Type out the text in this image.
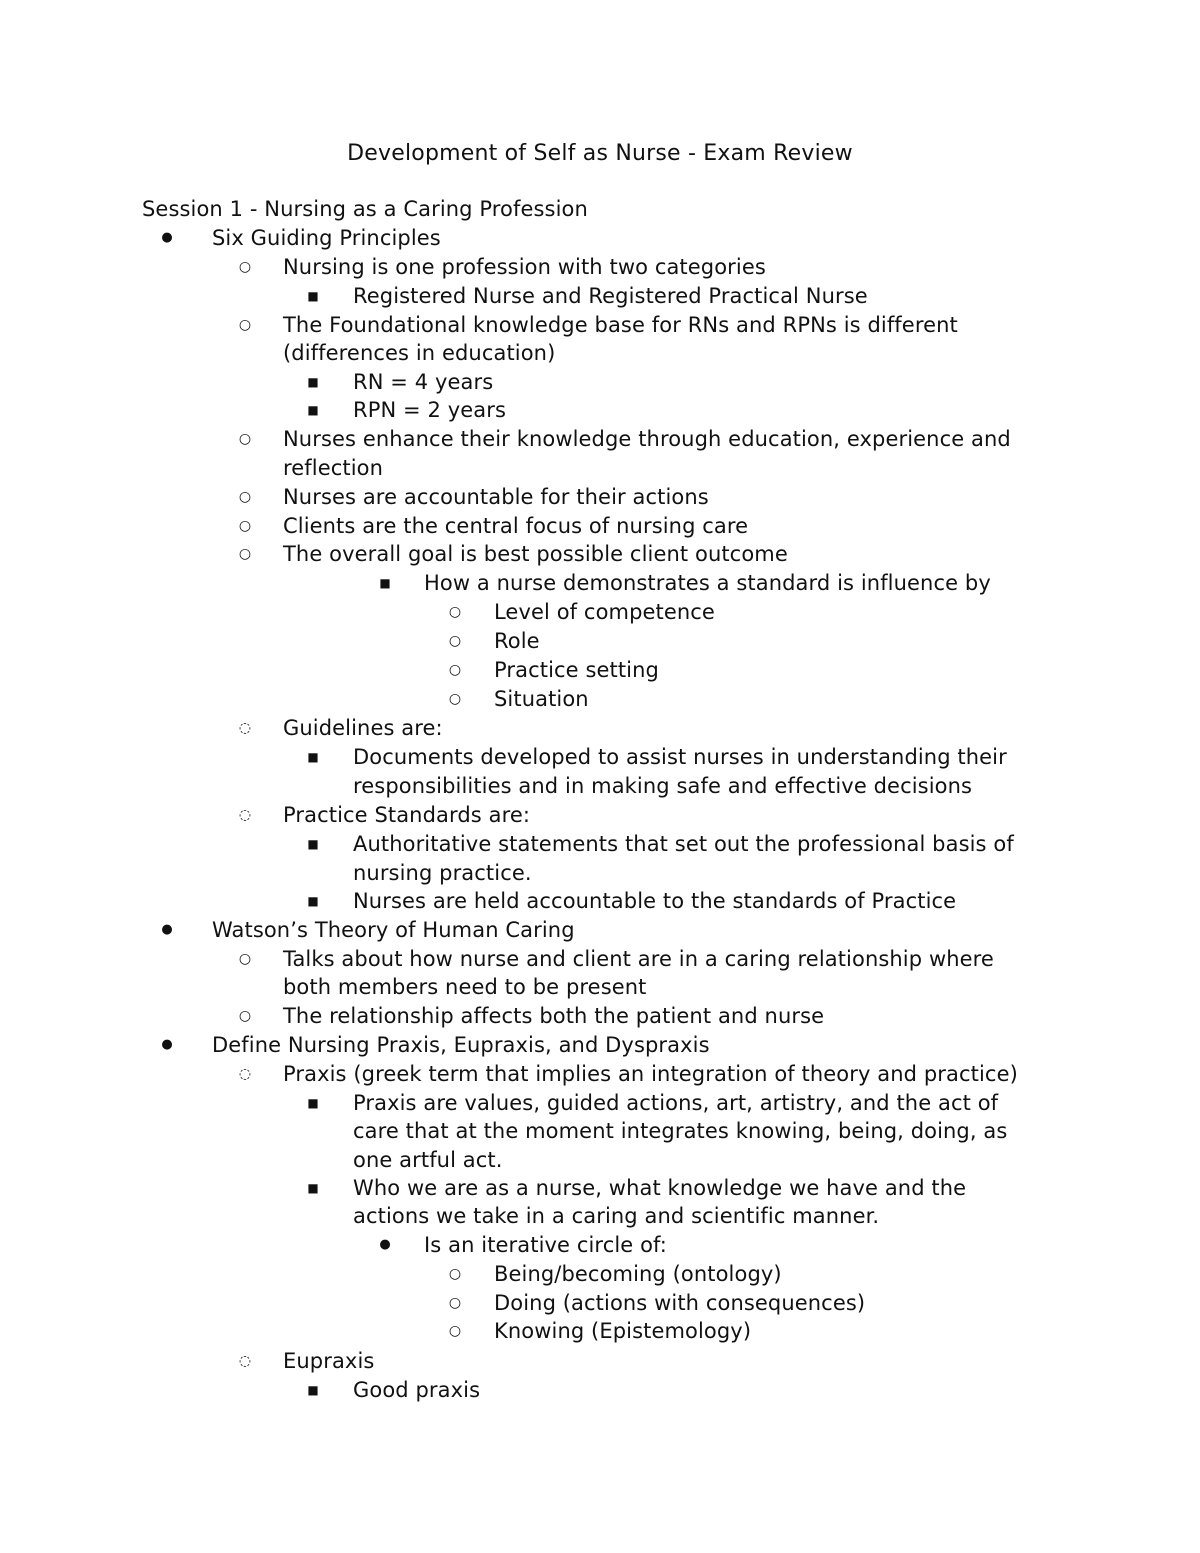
Development of Self as Nurse - Exam Review
Session 1 - Nursing as a Caring Profession
● Six Guiding Principles
○ Nursing is one profession with two categories
■ Registered Nurse and Registered Practical Nurse
○ The Foundational knowledge base for RNs and RPNs is different
(differences in education)
■ RN = 4 years
■ RPN = 2 years
○ Nurses enhance their knowledge through education, experience and
reflection
○ Nurses are accountable for their actions
○ Clients are the central focus of nursing care
○ The overall goal is best possible client outcome
■ How a nurse demonstrates a standard is influence by
○ Level of competence
○ Role
○ Practice setting
○ Situation
◌ Guidelines are:
■ Documents developed to assist nurses in understanding their
responsibilities and in making safe and effective decisions
◌ Practice Standards are:
■ Authoritative statements that set out the professional basis of
nursing practice.
■ Nurses are held accountable to the standards of Practice
● Watson’s Theory of Human Caring
○ Talks about how nurse and client are in a caring relationship where
both members need to be present
○ The relationship affects both the patient and nurse
● Define Nursing Praxis, Eupraxis, and Dyspraxis
◌ Praxis (greek term that implies an integration of theory and practice)
■ Praxis are values, guided actions, art, artistry, and the act of
care that at the moment integrates knowing, being, doing, as
one artful act.
■ Who we are as a nurse, what knowledge we have and the
actions we take in a caring and scientific manner.
● Is an iterative circle of:
○ Being/becoming (ontology)
○ Doing (actions with consequences)
○ Knowing (Epistemology)
◌ Eupraxis
■ Good praxis
